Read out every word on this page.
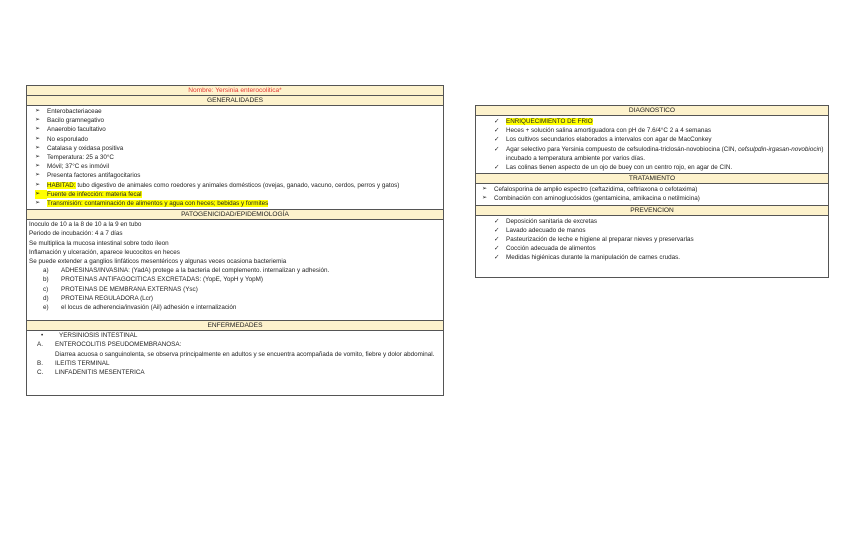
Nombre: Yersinia enterocolitica*
GENERALIDADES
➢	Enterobacteriaceae
➢	Bacilo gramnegativo
➢	Anaerobio facultativo
➢	No esporulado
➢	Catalasa y oxidasa positiva
➢	Temperatura: 25 a 30°C
➢	Móvil; 37°C es inmóvil
➢	Presenta factores antifagocitarios
➢	HABITAD: tubo digestivo de animales como roedores y animales domésticos (ovejas, ganado, vacuno, cerdos, perros y gatos)
➢	Fuente de infección: materia fecal
➢	Transmisión: contaminación de alimentos y agua con heces; bebidas y formites
PATOGENICIDAD/EPIDEMIOLOGÍA
Inoculo de 10 a la 8 de 10 a la 9 en tubo
Periodo de incubación: 4 a 7 días
Se multiplica la mucosa intestinal sobre todo íleon
Inflamación y ulceración, aparece leucocitos en heces
Se puede extender a ganglios linfáticos mesentéricos y algunas veces ocasiona bacteriemia
a)	ADHESINAS/INVASINA: (YadA) protege a la bacteria del complemento. internalizan y adhesión.
b)	PROTEINAS ANTIFAGOCITICAS EXCRETADAS: (YopE, YopH y YopM)
c)	PROTEINAS DE MEMBRANA EXTERNAS (Ysc)
d)	PROTEINA REGULADORA (Lcr)
e)	el locus de adherencia/invasión (Ail) adhesión e internalización
ENFERMEDADES
•	YERSINIOSIS INTESTINAL
A.	ENTEROCOLITIS PSEUDOMEMBRANOSA:
Diarrea acuosa o sanguinolenta, se observa principalmente en adultos y se encuentra acompañada de vomito, fiebre y dolor abdominal.
B.	ILEITIS TERMINAL
C.	LINFADENITIS MESENTERICA
DIAGNOSTICO
✓	ENRIQUECIMIENTO DE FRIO
✓	Heces + solución salina amortiguadora con pH de 7.6/4°C 2 a 4 semanas
✓	Los cultivos secundarios elaborados a intervalos con agar de MacConkey
✓	Agar selectivo para Yersinia compuesto de cefsulodina-triclosán-novobiocina (CIN, cefsulpdin-irgasan-novobiocin) incubado a temperatura ambiente por varios días.
✓	Las colinas tienen aspecto de un ojo de buey con un centro rojo, en agar de CIN.
TRATAMIENTO
➢	Cefalosporina de amplio espectro (ceftazidima, ceftriaxona o cefotaxima)
➢	Combinación con aminoglucósidos (gentamicina, amikacina o netilmicina)
PREVENCION
✓	Deposición sanitaria de excretas
✓	Lavado adecuado de manos
✓	Pasteurización de leche e higiene al preparar nieves y preservarlas
✓	Cocción adecuada de alimentos
✓	Medidas higiénicas durante la manipulación de carnes crudas.
